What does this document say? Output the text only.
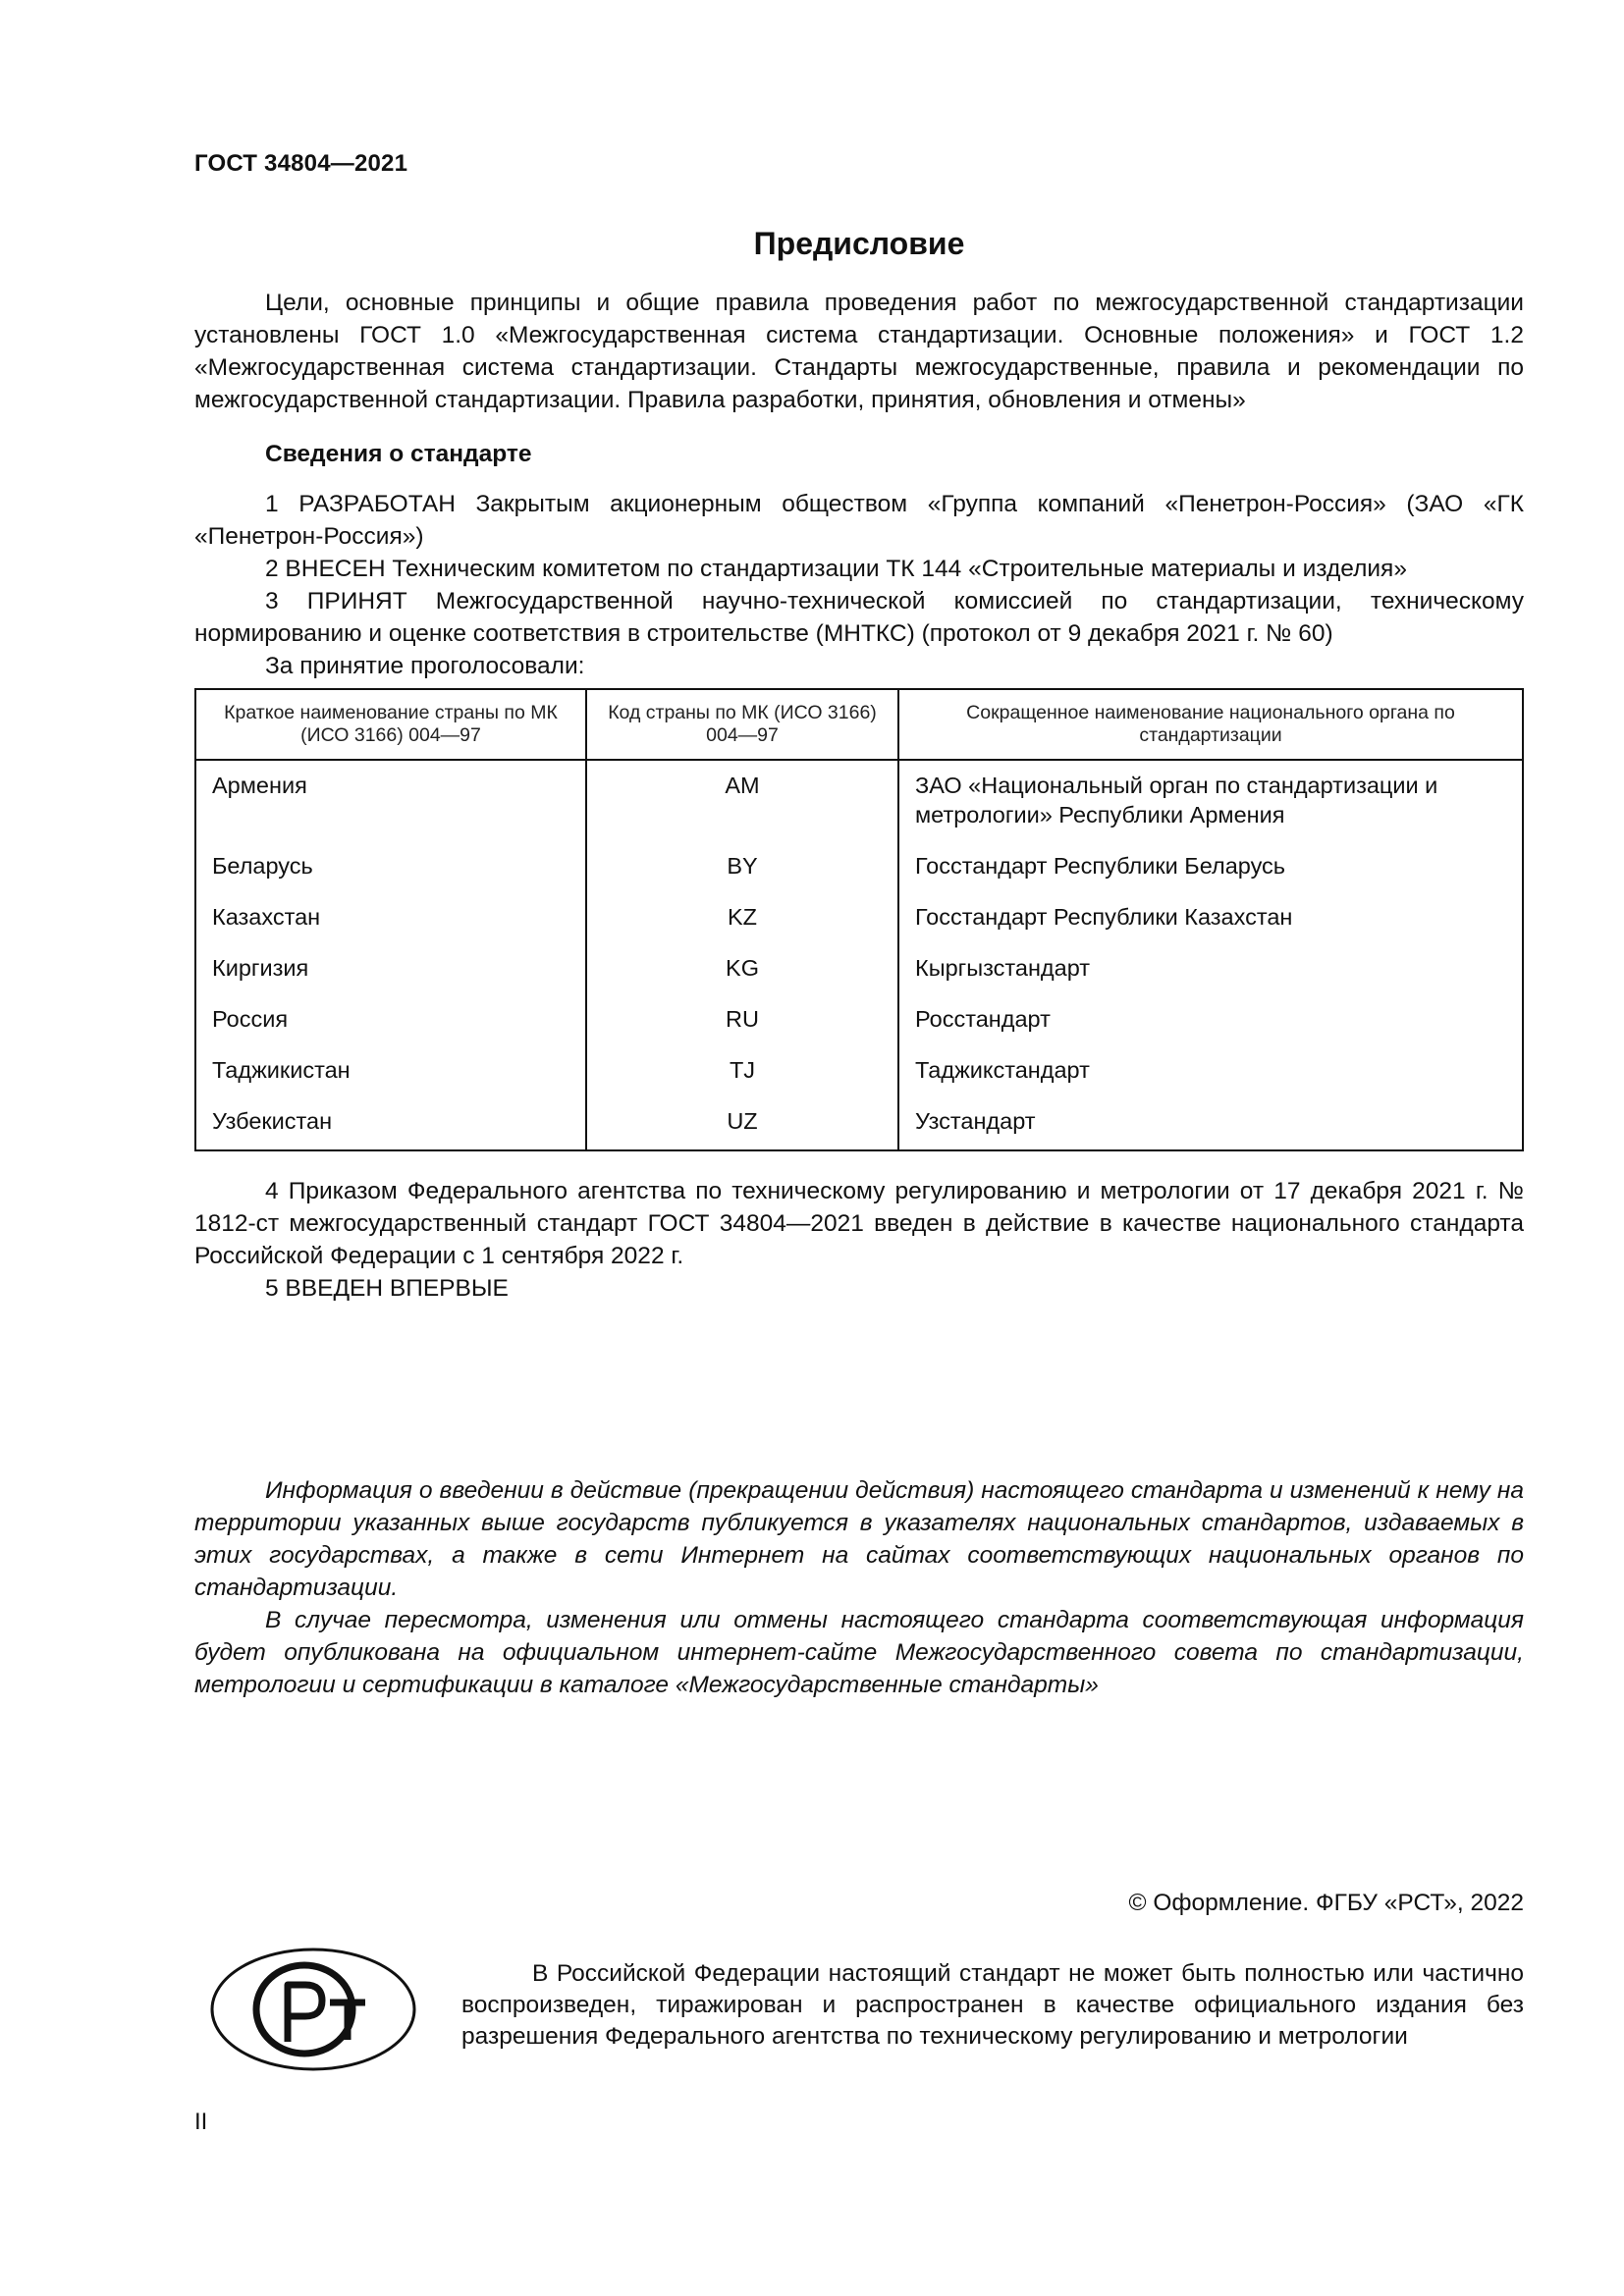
ГОСТ 34804—2021
Предисловие

Цели, основные принципы и общие правила проведения работ по межгосударственной стандартизации установлены ГОСТ 1.0 «Межгосударственная система стандартизации. Основные положения» и ГОСТ 1.2 «Межгосударственная система стандартизации. Стандарты межгосударственные, правила и рекомендации по межгосударственной стандартизации. Правила разработки, принятия, обновления и отмены»

Сведения о стандарте

1 РАЗРАБОТАН Закрытым акционерным обществом «Группа компаний «Пенетрон-Россия» (ЗАО «ГК «Пенетрон-Россия»)

2 ВНЕСЕН Техническим комитетом по стандартизации ТК 144 «Строительные материалы и изделия»

3 ПРИНЯТ Межгосударственной научно-технической комиссией по стандартизации, техническому нормированию и оценке соответствия в строительстве (МНТКС) (протокол от 9 декабря 2021 г. № 60)

За принятие проголосовали:

Краткое наименование страны по МК (ИСО 3166) 004—97	Код страны по МК (ИСО 3166) 004—97	Сокращенное наименование национального органа по стандартизации
Армения	AM	ЗАО «Национальный орган по стандартизации и метрологии» Республики Армения
Беларусь	BY	Госстандарт Республики Беларусь
Казахстан	KZ	Госстандарт Республики Казахстан
Киргизия	KG	Кыргызстандарт
Россия	RU	Росстандарт
Таджикистан	TJ	Таджикстандарт
Узбекистан	UZ	Узстандарт

4 Приказом Федерального агентства по техническому регулированию и метрологии от 17 декабря 2021 г. № 1812-ст межгосударственный стандарт ГОСТ 34804—2021 введен в действие в качестве национального стандарта Российской Федерации с 1 сентября 2022 г.

5 ВВЕДЕН ВПЕРВЫЕ

Информация о введении в действие (прекращении действия) настоящего стандарта и изменений к нему на территории указанных выше государств публикуется в указателях национальных стандартов, издаваемых в этих государствах, а также в сети Интернет на сайтах соответствующих национальных органов по стандартизации.

В случае пересмотра, изменения или отмены настоящего стандарта соответствующая информация будет опубликована на официальном интернет-сайте Межгосударственного совета по стандартизации, метрологии и сертификации в каталоге «Межгосударственные стандарты»

© Оформление. ФГБУ «РСТ», 2022
РСТ
В Российской Федерации настоящий стандарт не может быть полностью или частично воспроизведен, тиражирован и распространен в качестве официального издания без разрешения Федерального агентства по техническому регулированию и метрологии
II
